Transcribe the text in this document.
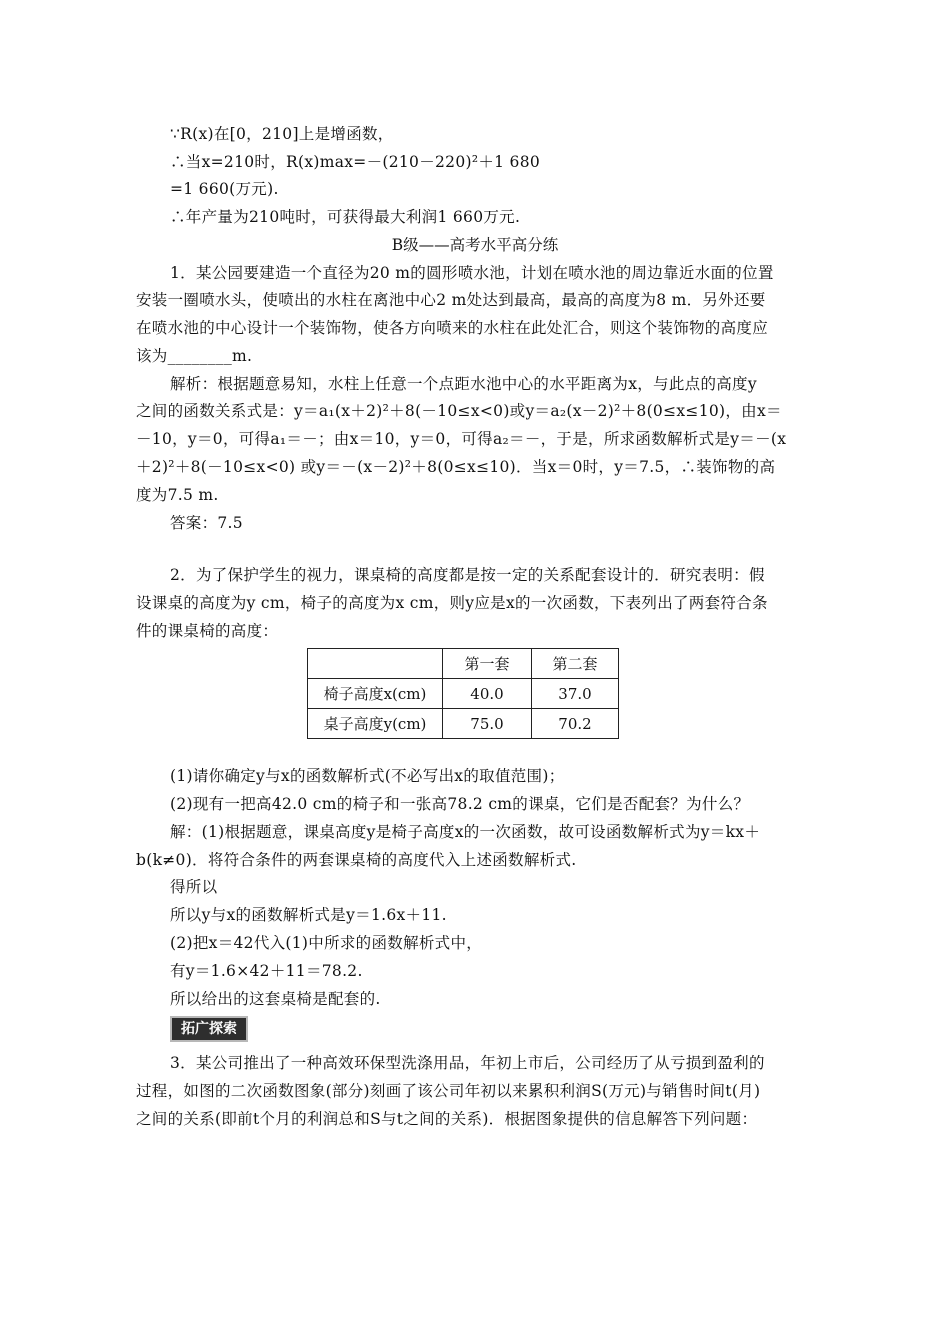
∵R(x)在[0，210]上是增函数，
∴当x=210时，R(x)max=－(210－220)²＋1 680
=1 660(万元).
∴年产量为210吨时，可获得最大利润1 660万元.
B级——高考水平高分练
1．某公园要建造一个直径为20 m的圆形喷水池，计划在喷水池的周边靠近水面的位置
安装一圈喷水头，使喷出的水柱在离池中心2 m处达到最高，最高的高度为8 m．另外还要
在喷水池的中心设计一个装饰物，使各方向喷来的水柱在此处汇合，则这个装饰物的高度应
该为________m.
解析：根据题意易知，水柱上任意一个点距水池中心的水平距离为x，与此点的高度y
之间的函数关系式是：y＝a₁(x＋2)²＋8(－10≤x<0)或y＝a₂(x－2)²＋8(0≤x≤10)，由x＝
－10，y＝0，可得a₁＝－；由x＝10，y＝0，可得a₂＝－，于是，所求函数解析式是y＝－(x
＋2)²＋8(－10≤x<0) 或y＝－(x－2)²＋8(0≤x≤10)．当x＝0时，y＝7.5，∴装饰物的高
度为7.5 m.
答案：7.5
2．为了保护学生的视力，课桌椅的高度都是按一定的关系配套设计的．研究表明：假
设课桌的高度为y cm，椅子的高度为x cm，则y应是x的一次函数，下表列出了两套符合条
件的课桌椅的高度：
	第一套	第二套
椅子高度x(cm)	40.0	37.0
桌子高度y(cm)	75.0	70.2
(1)请你确定y与x的函数解析式(不必写出x的取值范围)；
(2)现有一把高42.0 cm的椅子和一张高78.2 cm的课桌，它们是否配套？为什么？
解：(1)根据题意，课桌高度y是椅子高度x的一次函数，故可设函数解析式为y＝kx＋
b(k≠0)．将符合条件的两套课桌椅的高度代入上述函数解析式.
得所以
所以y与x的函数解析式是y＝1.6x＋11.
(2)把x＝42代入(1)中所求的函数解析式中，
有y＝1.6×42＋11＝78.2.
所以给出的这套桌椅是配套的.
拓广探索
3．某公司推出了一种高效环保型洗涤用品，年初上市后，公司经历了从亏损到盈利的
过程，如图的二次函数图象(部分)刻画了该公司年初以来累积利润S(万元)与销售时间t(月)
之间的关系(即前t个月的利润总和S与t之间的关系)．根据图象提供的信息解答下列问题：
